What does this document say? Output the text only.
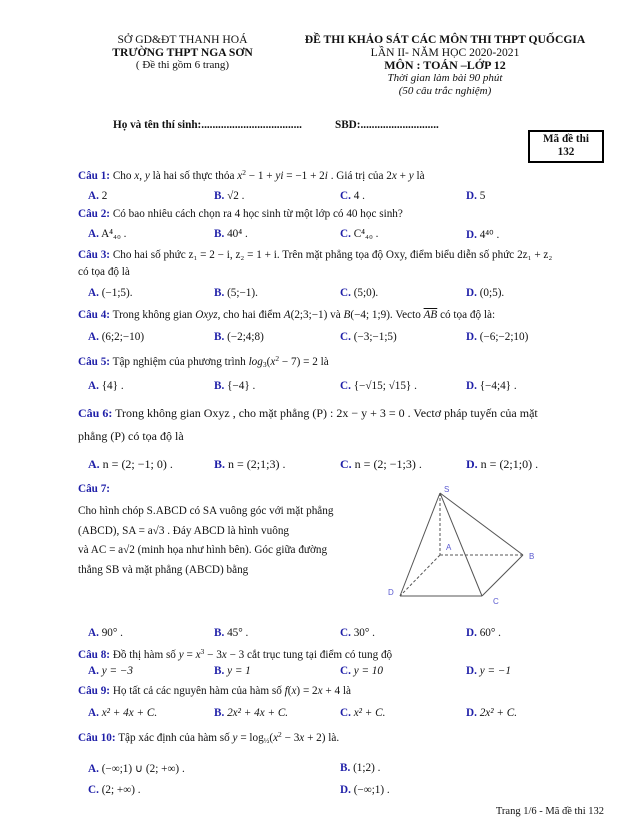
SỞ GD&ĐT THANH HOÁ
TRƯỜNG THPT NGA SƠN
( Đề thi gồm 6 trang)
ĐỀ THI KHẢO SÁT CÁC MÔN THI THPT QUỐCGIA
LẦN II- NĂM HỌC 2020-2021
MÔN : TOÁN –LỚP 12
Thời gian làm bài 90 phút
(50 câu trắc nghiệm)
Họ và tên thí sinh:....................................	SBD:............................
Mã đề thi
132
Câu 1: Cho x, y là hai số thực thỏa $x^2 - 1$ + yi = −1 + 2i . Giá trị của 2x + y là
A. 2	B. √2 .	C. 4 .	D. 5
Câu 2: Có bao nhiêu cách chọn ra 4 học sinh từ một lớp có 40 học sinh?
A. A⁴₄₀ .	B. 40⁴ .	C. C⁴₄₀ .	D. 4⁴⁰ .
Câu 3: Cho hai số phức z₁ = 2 − i, z₂ = 1 + i. Trên mặt phẳng tọa độ Oxy, điểm biểu diễn số phức 2z₁ + z₂
có tọa độ là
A. (−1;5).	B. (5;−1).	C. (5;0).	D. (0;5).
Câu 4: Trong không gian Oxyz, cho hai điểm A(2;3;−1) và B(−4; 1;9). Vecto $\overline{AB}$ có tọa độ là:
A. (6;2;−10)	B. (−2;4;8)	C. (−3;−1;5)	D. (−6;−2;10)
Câu 5: Tập nghiệm của phương trình $\log_3(x^2 - 7) = 2$ là
A. {4} .	B. {−4} .	C. {−√15; √15} .	D. {−4;4} .
Câu 6: Trong không gian Oxyz , cho mặt phẳng (P) : 2x − y + 3 = 0 . Vectơ pháp tuyến của mặt
phẳng (P) có tọa độ là
A. n = (2; −1; 0) .	B. n = (2;1;3) .	C. n = (2; −1;3) .	D. n = (2;1;0) .
Câu 7:
Cho hình chóp S.ABCD có SA vuông góc với mặt phẳng
(ABCD), SA = a√3 . Đáy ABCD là hình vuông
và AC = a√2 (minh họa như hình bên). Góc giữa đường
thẳng SB và mặt phẳng (ABCD) bằng
S
A
B
C
D
A. 90° .	B. 45° .	C. 30° .	D. 60° .
Câu 8: Đồ thị hàm số $y = x^3 - 3x - 3$ cắt trục tung tại điểm có tung độ
A. y = −3	B. y = 1	C. y = 10	D. y = −1
Câu 9: Họ tất cả các nguyên hàm của hàm số f(x) = 2x + 4 là
A. x² + 4x + C.	B. 2x² + 4x + C.	C. x² + C.	D. 2x² + C.
Câu 10: Tập xác định của hàm số $y = \log_{\frac{1}{2}}(x^2 - 3x + 2)$ là.
A. (−∞;1) ∪ (2; +∞) .	B. (1;2) .
C. (2; +∞) .	D. (−∞;1) .
Trang 1/6 - Mã đề thi 132
